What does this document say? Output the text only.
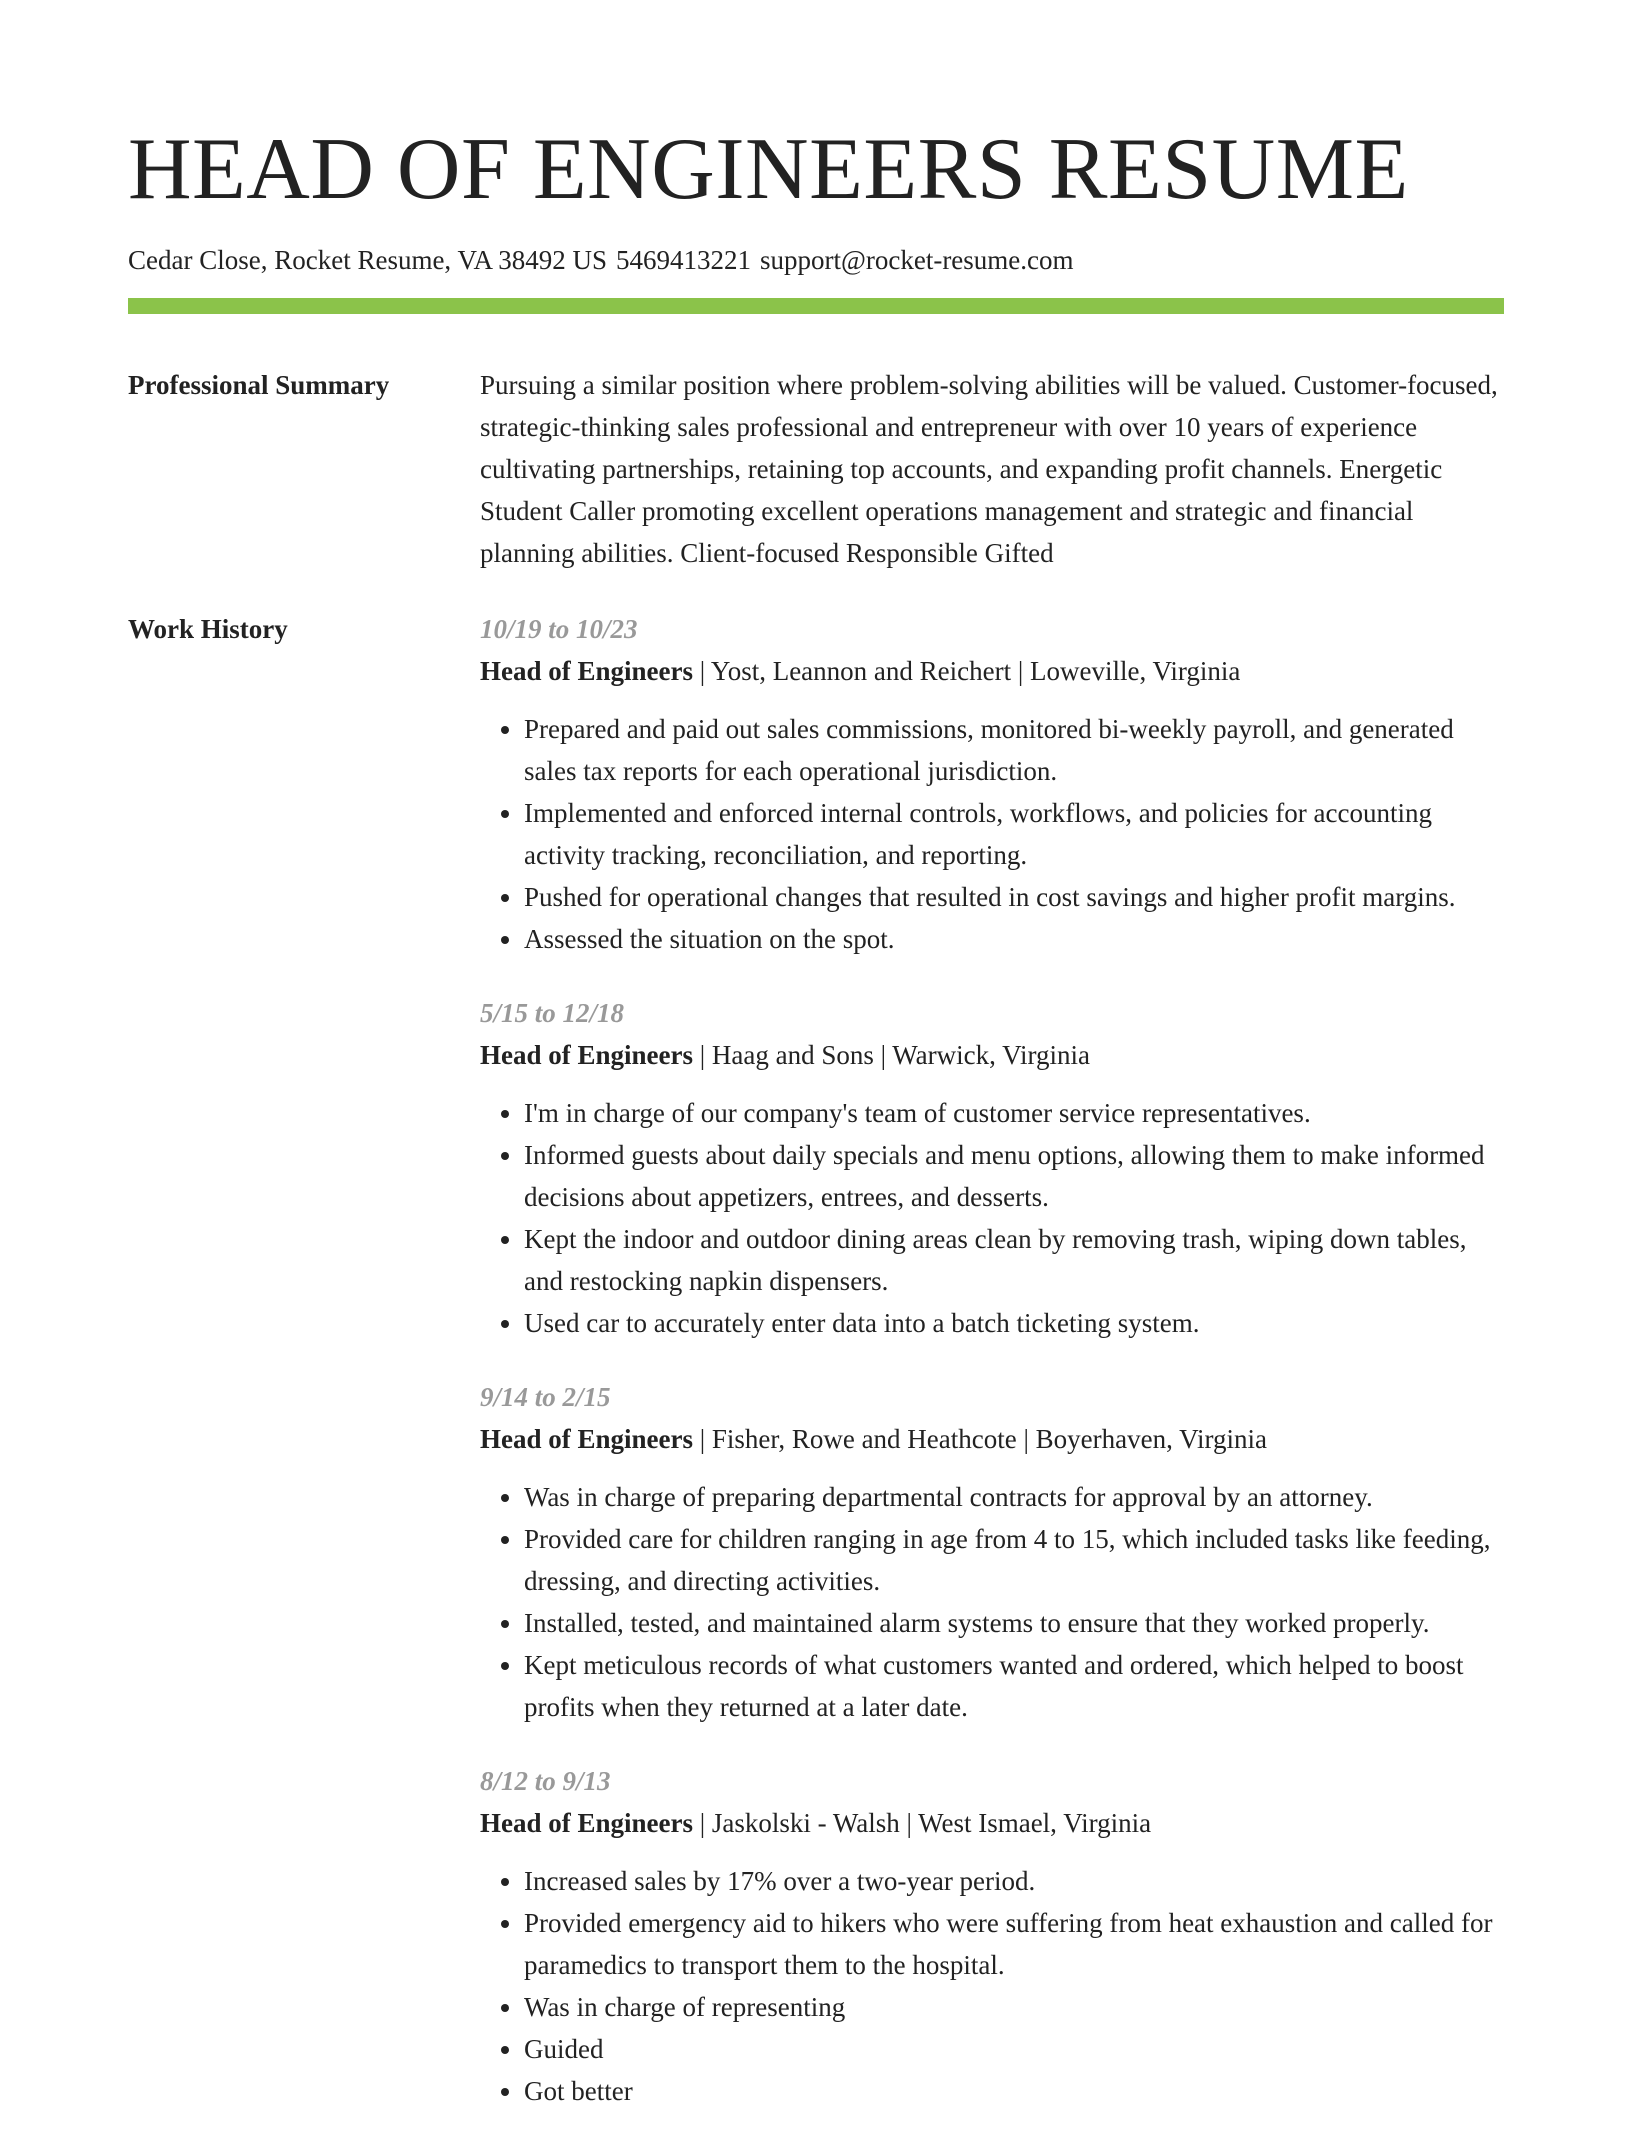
HEAD OF ENGINEERS RESUME
Cedar Close, Rocket Resume, VA 38492 US 5469413221 support@rocket-resume.com
Professional Summary	Pursuing a similar position where problem-solving abilities will be valued. Customer-focused, strategic-thinking sales professional and entrepreneur with over 10 years of experience cultivating partnerships, retaining top accounts, and expanding profit channels. Energetic Student Caller promoting excellent operations management and strategic and financial planning abilities. Client-focused Responsible Gifted

Work History	10/19 to 10/23
Head of Engineers | Yost, Leannon and Reichert | Loweville, Virginia
• Prepared and paid out sales commissions, monitored bi-weekly payroll, and generated sales tax reports for each operational jurisdiction.
• Implemented and enforced internal controls, workflows, and policies for accounting activity tracking, reconciliation, and reporting.
• Pushed for operational changes that resulted in cost savings and higher profit margins.
• Assessed the situation on the spot.
5/15 to 12/18
Head of Engineers | Haag and Sons | Warwick, Virginia
• I'm in charge of our company's team of customer service representatives.
• Informed guests about daily specials and menu options, allowing them to make informed decisions about appetizers, entrees, and desserts.
• Kept the indoor and outdoor dining areas clean by removing trash, wiping down tables, and restocking napkin dispensers.
• Used car to accurately enter data into a batch ticketing system.
9/14 to 2/15
Head of Engineers | Fisher, Rowe and Heathcote | Boyerhaven, Virginia
• Was in charge of preparing departmental contracts for approval by an attorney.
• Provided care for children ranging in age from 4 to 15, which included tasks like feeding, dressing, and directing activities.
• Installed, tested, and maintained alarm systems to ensure that they worked properly.
• Kept meticulous records of what customers wanted and ordered, which helped to boost profits when they returned at a later date.
8/12 to 9/13
Head of Engineers | Jaskolski - Walsh | West Ismael, Virginia
• Increased sales by 17% over a two-year period.
• Provided emergency aid to hikers who were suffering from heat exhaustion and called for paramedics to transport them to the hospital.
• Was in charge of representing
• Guided
• Got better
